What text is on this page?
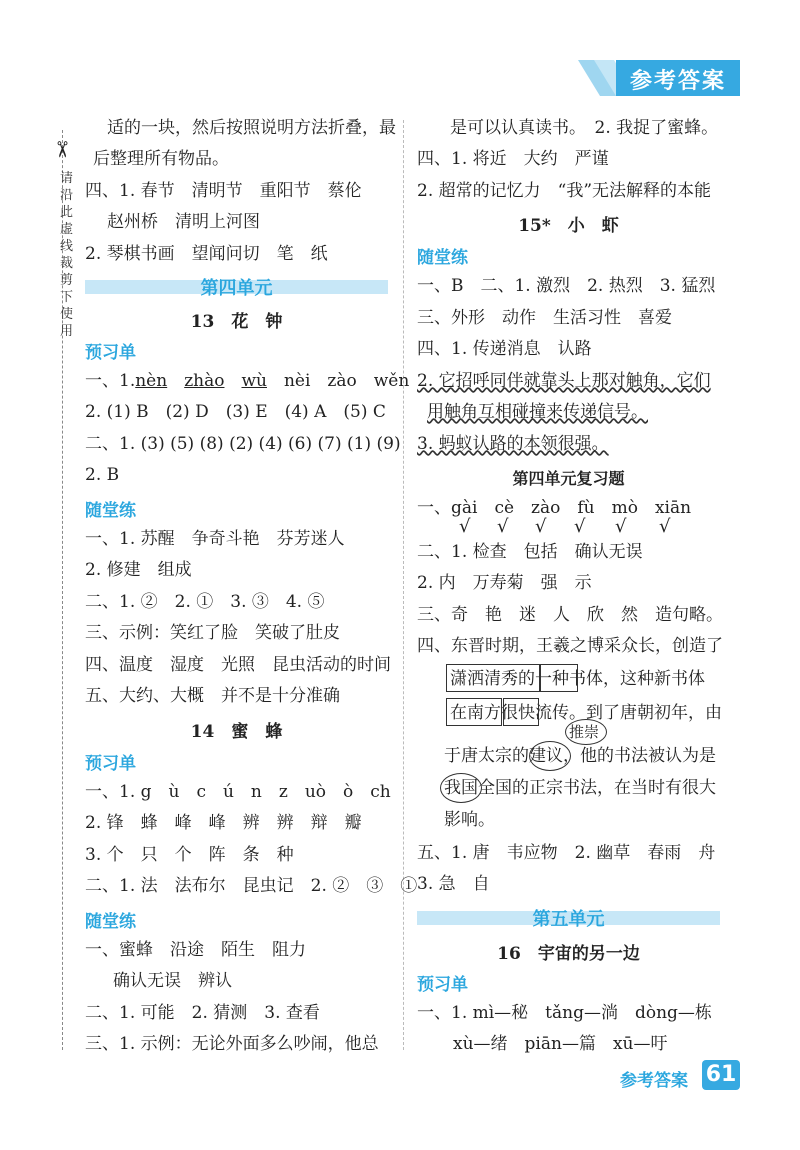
参考答案
✂
请沿此虚线裁剪下使用
适的一块，然后按照说明方法折叠，最
后整理所有物品。
四、1. 春节　清明节　重阳节　蔡伦
赵州桥　清明上河图
2. 琴棋书画　望闻问切　笔　纸
第四单元
13　花　钟
预习单
一、1.nèn　 zhào　 wù　 nèi　zào　wěn
2. (1) B　(2) D　(3) E　(4) A　(5) C
二、1. (3) (5) (8) (2) (4) (6) (7) (1) (9)
2. B
随堂练
一、1. 苏醒　争奇斗艳　芬芳迷人
2. 修建　组成
二、1. ②　2. ①　3. ③　4. ⑤
三、示例：笑红了脸　笑破了肚皮
四、温度　湿度　光照　昆虫活动的时间
五、大约、大概　并不是十分准确
14　蜜　蜂
预习单
一、1. g　ù　c　ú　n　z　uò　ò　ch
2. 锋　蜂　峰　峰　辨　辨　辩　瓣
3. 个　只　个　阵　条　种
二、1. 法　法布尔　昆虫记　2. ②　③　①
随堂练
一、蜜蜂　沿途　陌生　阻力
确认无误　辨认
二、1. 可能　2. 猜测　3. 查看
三、1. 示例：无论外面多么吵闹，他总
是可以认真读书。　2. 我捉了蜜蜂。
四、1. 将近　大约　严谨
2. 超常的记忆力　“我”无法解释的本能
15*　小　虾
随堂练
一、B　二、1. 激烈　2. 热烈　3. 猛烈
三、外形　动作　生活习性　喜爱
四、1. 传递消息　认路
2. 它招呼同伴就靠头上那对触角，它们
用触角互相碰撞来传递信号。
3. 蚂蚁认路的本领很强。
第四单元复习题
一、gài　cè　zào　fù　mò　xiān
√ √ √ √ √ √
二、1. 检查　包括　确认无误
2. 内　万寿菊　强　示
三、奇　艳　迷　人　欣　然　造句略。
四、东晋时期，王羲之博采众长，创造了
潇洒清秀的一种书体，这种新书体
在南方很快流传。到了唐朝初年，由
于唐太宗的建议，他的书法被认为是
我国全国的正宗书法，在当时有很大
影响。
推崇
五、1. 唐　韦应物　2. 幽草　春雨　舟
3. 急　自
第五单元
16　宇宙的另一边
预习单
一、1. mì—秘　tǎng—淌　dòng—栋
xù—绪　piān—篇　xū—吁
参考答案 61
